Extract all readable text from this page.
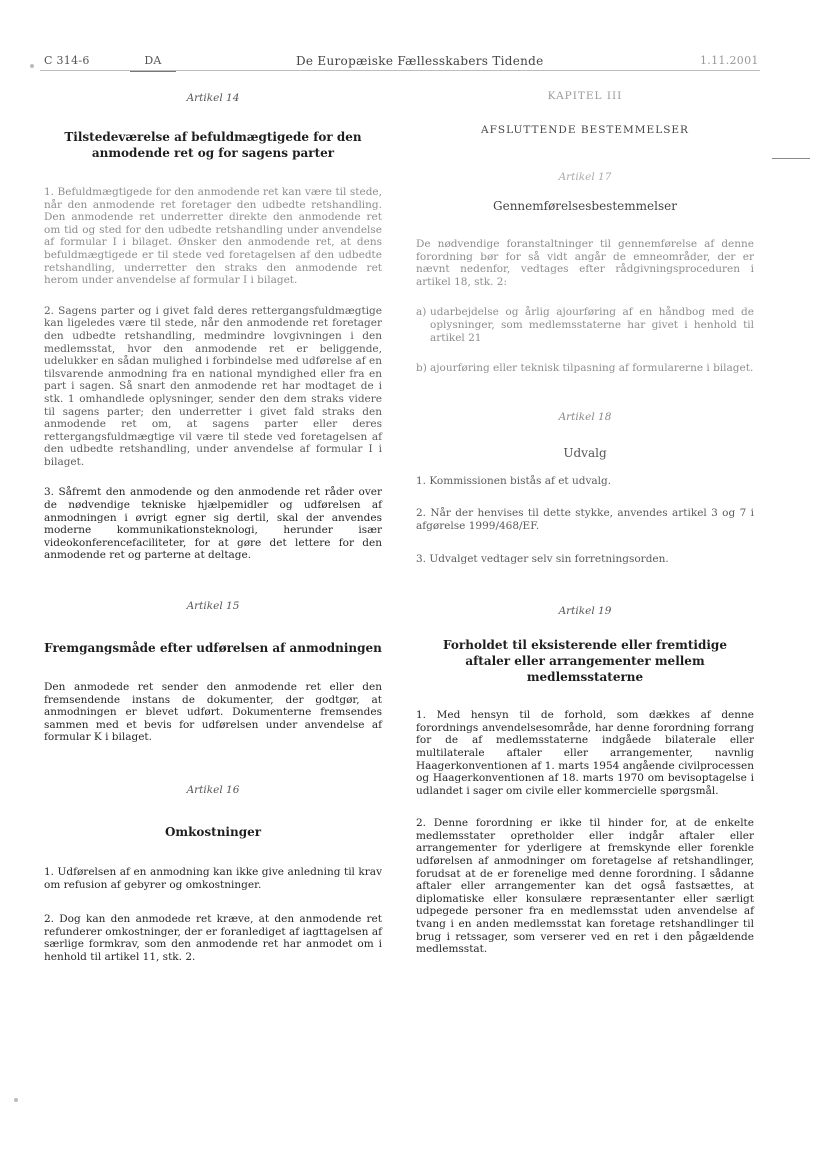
C 314-6	DA	De Europæiske Fællesskabers Tidende	1.11.2001
Artikel 14
Tilstedeværelse af befuldmægtigede for den anmodende ret og for sagens parter
1. Befuldmægtigede for den anmodende ret kan være til stede, når den anmodende ret foretager den udbedte retshandling. Den anmodende ret underretter direkte den anmodende ret om tid og sted for den udbedte retshandling under anvendelse af formular I i bilaget. Ønsker den anmodende ret, at dens befuldmægtigede er til stede ved foretagelsen af den udbedte retshandling, underretter den straks den anmodende ret herom under anvendelse af formular I i bilaget.
2. Sagens parter og i givet fald deres rettergangsfuldmægtige kan ligeledes være til stede, når den anmodende ret foretager den udbedte retshandling, medmindre lovgivningen i den medlemsstat, hvor den anmodende ret er beliggende, udelukker en sådan mulighed i forbindelse med udførelse af en tilsvarende anmodning fra en national myndighed eller fra en part i sagen. Så snart den anmodende ret har modtaget de i stk. 1 omhandlede oplysninger, sender den dem straks videre til sagens parter; den underretter i givet fald straks den anmodende ret om, at sagens parter eller deres rettergangsfuldmægtige vil være til stede ved foretagelsen af den udbedte retshandling, under anvendelse af formular I i bilaget.
3. Såfremt den anmodende og den anmodende ret råder over de nødvendige tekniske hjælpemidler og udførelsen af anmodningen i øvrigt egner sig dertil, skal der anvendes moderne kommunikationsteknologi, herunder især videokonferencefaciliteter, for at gøre det lettere for den anmodende ret og parterne at deltage.
Artikel 15
Fremgangsmåde efter udførelsen af anmodningen
Den anmodede ret sender den anmodende ret eller den fremsendende instans de dokumenter, der godtgør, at anmodningen er blevet udført. Dokumenterne fremsendes sammen med et bevis for udførelsen under anvendelse af formular K i bilaget.
Artikel 16
Omkostninger
1. Udførelsen af en anmodning kan ikke give anledning til krav om refusion af gebyrer og omkostninger.
2. Dog kan den anmodede ret kræve, at den anmodende ret refunderer omkostninger, der er foranlediget af iagttagelsen af særlige formkrav, som den anmodende ret har anmodet om i henhold til artikel 11, stk. 2.
KAPITEL III
AFSLUTTENDE BESTEMMELSER
Artikel 17
Gennemførelsesbestemmelser
De nødvendige foranstaltninger til gennemførelse af denne forordning bør for så vidt angår de emneområder, der er nævnt nedenfor, vedtages efter rådgivningsproceduren i artikel 18, stk. 2:
a) udarbejdelse og årlig ajourføring af en håndbog med de oplysninger, som medlemsstaterne har givet i henhold til artikel 21
b) ajourføring eller teknisk tilpasning af formularerne i bilaget.
Artikel 18
Udvalg
1. Kommissionen bistås af et udvalg.
2. Når der henvises til dette stykke, anvendes artikel 3 og 7 i afgørelse 1999/468/EF.
3. Udvalget vedtager selv sin forretningsorden.
Artikel 19
Forholdet til eksisterende eller fremtidige aftaler eller arrangementer mellem medlemsstaterne
1. Med hensyn til de forhold, som dækkes af denne forordnings anvendelsesområde, har denne forordning forrang for de af medlemsstaterne indgåede bilaterale eller multilaterale aftaler eller arrangementer, navnlig Haagerkonventionen af 1. marts 1954 angående civilprocessen og Haagerkonventionen af 18. marts 1970 om bevisoptagelse i udlandet i sager om civile eller kommercielle spørgsmål.
2. Denne forordning er ikke til hinder for, at de enkelte medlemsstater opretholder eller indgår aftaler eller arrangementer for yderligere at fremskynde eller forenkle udførelsen af anmodninger om foretagelse af retshandlinger, forudsat at de er forenelige med denne forordning. I sådanne aftaler eller arrangementer kan det også fastsættes, at diplomatiske eller konsulære repræsentanter eller særligt udpegede personer fra en medlemsstat uden anvendelse af tvang i en anden medlemsstat kan foretage retshandlinger til brug i retssager, som verserer ved en ret i den pågældende medlemsstat.
